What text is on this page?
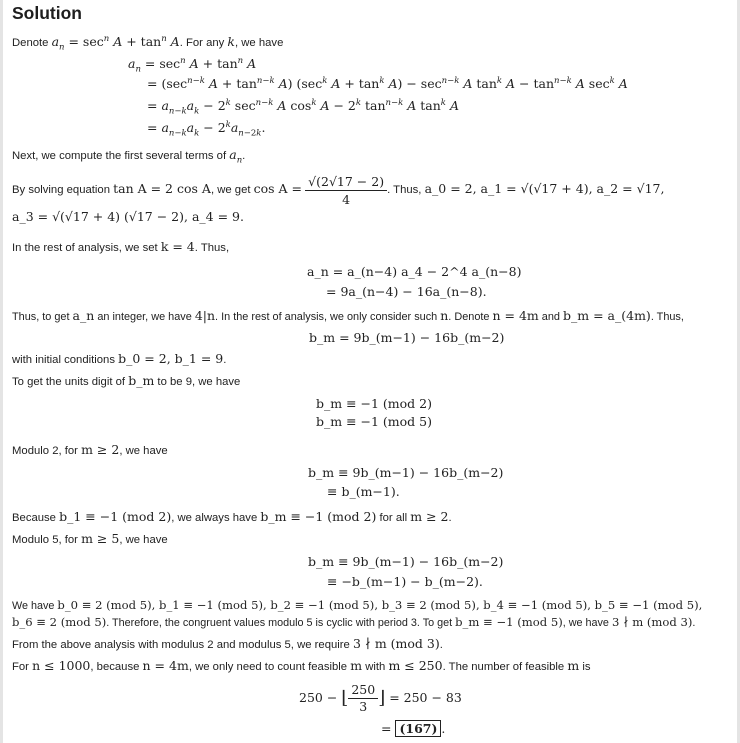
Solution
Denote $a_n = \sec^n A + \tan^n A$. For any k, we have
$a_n = \sec^n A + \tan^n A$
= ($\sec^{n-k}$ $A + \tan^{n-k} A$) ($\sec^k$ $A + \tan^k A) - \sec^{n-k} A$ $\tan^k A - \tan^{n-k} A$ $\sec^k A$
= $a_{n-k}a_k - 2^k$ $\sec^{n-k} A$ $\cos^k A - 2^k$ $\tan^{n-k} A$ $\tan^k A$
= $a_{n-k}a_k - 2^ka_{n-2k}$.
Next, we compute the first several terms of $a_n$.
By solving equation tan A = 2 cos A, we get $\cos A = \frac{√(2√17 - 2)}{4}$ . Thus, a_0 = 2, a_1 = √(√17 + 4), a_2 = √17,
a_3 = √(√17 + 4) (√17 − 2), a_4 = 9.
In the rest of analysis, we set k = 4. Thus,
a_n = a_(n−4) a_4 − 2^4 a_(n−8)
= 9a_(n−4) − 16a_(n−8).
Thus, to get a_n an integer, we have 4|n. In the rest of analysis, we only consider such n. Denote n = 4m and b_m = a_(4m). Thus,
b_m = 9b_(m−1) − 16b_(m−2)
with initial conditions b_0 = 2, b_1 = 9.
To get the units digit of b_m to be 9, we have
b_m ≡ −1 (mod 2)
b_m ≡ −1 (mod 5)
Modulo 2, for m ≥ 2, we have
b_m ≡ 9b_(m−1) − 16b_(m−2)
≡ b_(m−1).
Because b_1 ≡ −1 (mod 2), we always have b_m ≡ −1 (mod 2) for all m ≥ 2.
Modulo 5, for m ≥ 5, we have
b_m ≡ 9b_(m−1) − 16b_(m−2)
≡ −b_(m−1) − b_(m−2).
We have b_0 ≡ 2 (mod 5), b_1 ≡ −1 (mod 5), b_2 ≡ −1 (mod 5), b_3 ≡ 2 (mod 5), b_4 ≡ −1 (mod 5), b_5 ≡ −1 (mod 5),
b_6 ≡ 2 (mod 5). Therefore, the congruent values modulo 5 is cyclic with period 3. To get b_m ≡ −1 (mod 5), we have 3 ∤ m (mod 3).
From the above analysis with modulus 2 and modulus 5, we require 3 ∤ m (mod 3).
For n ≤ 1000, because n = 4m, we only need to count feasible m with m ≤ 250. The number of feasible m is
250 − ⌊ $\frac{250}{3}$ ⌋ = 250 − 83
= (167) .
